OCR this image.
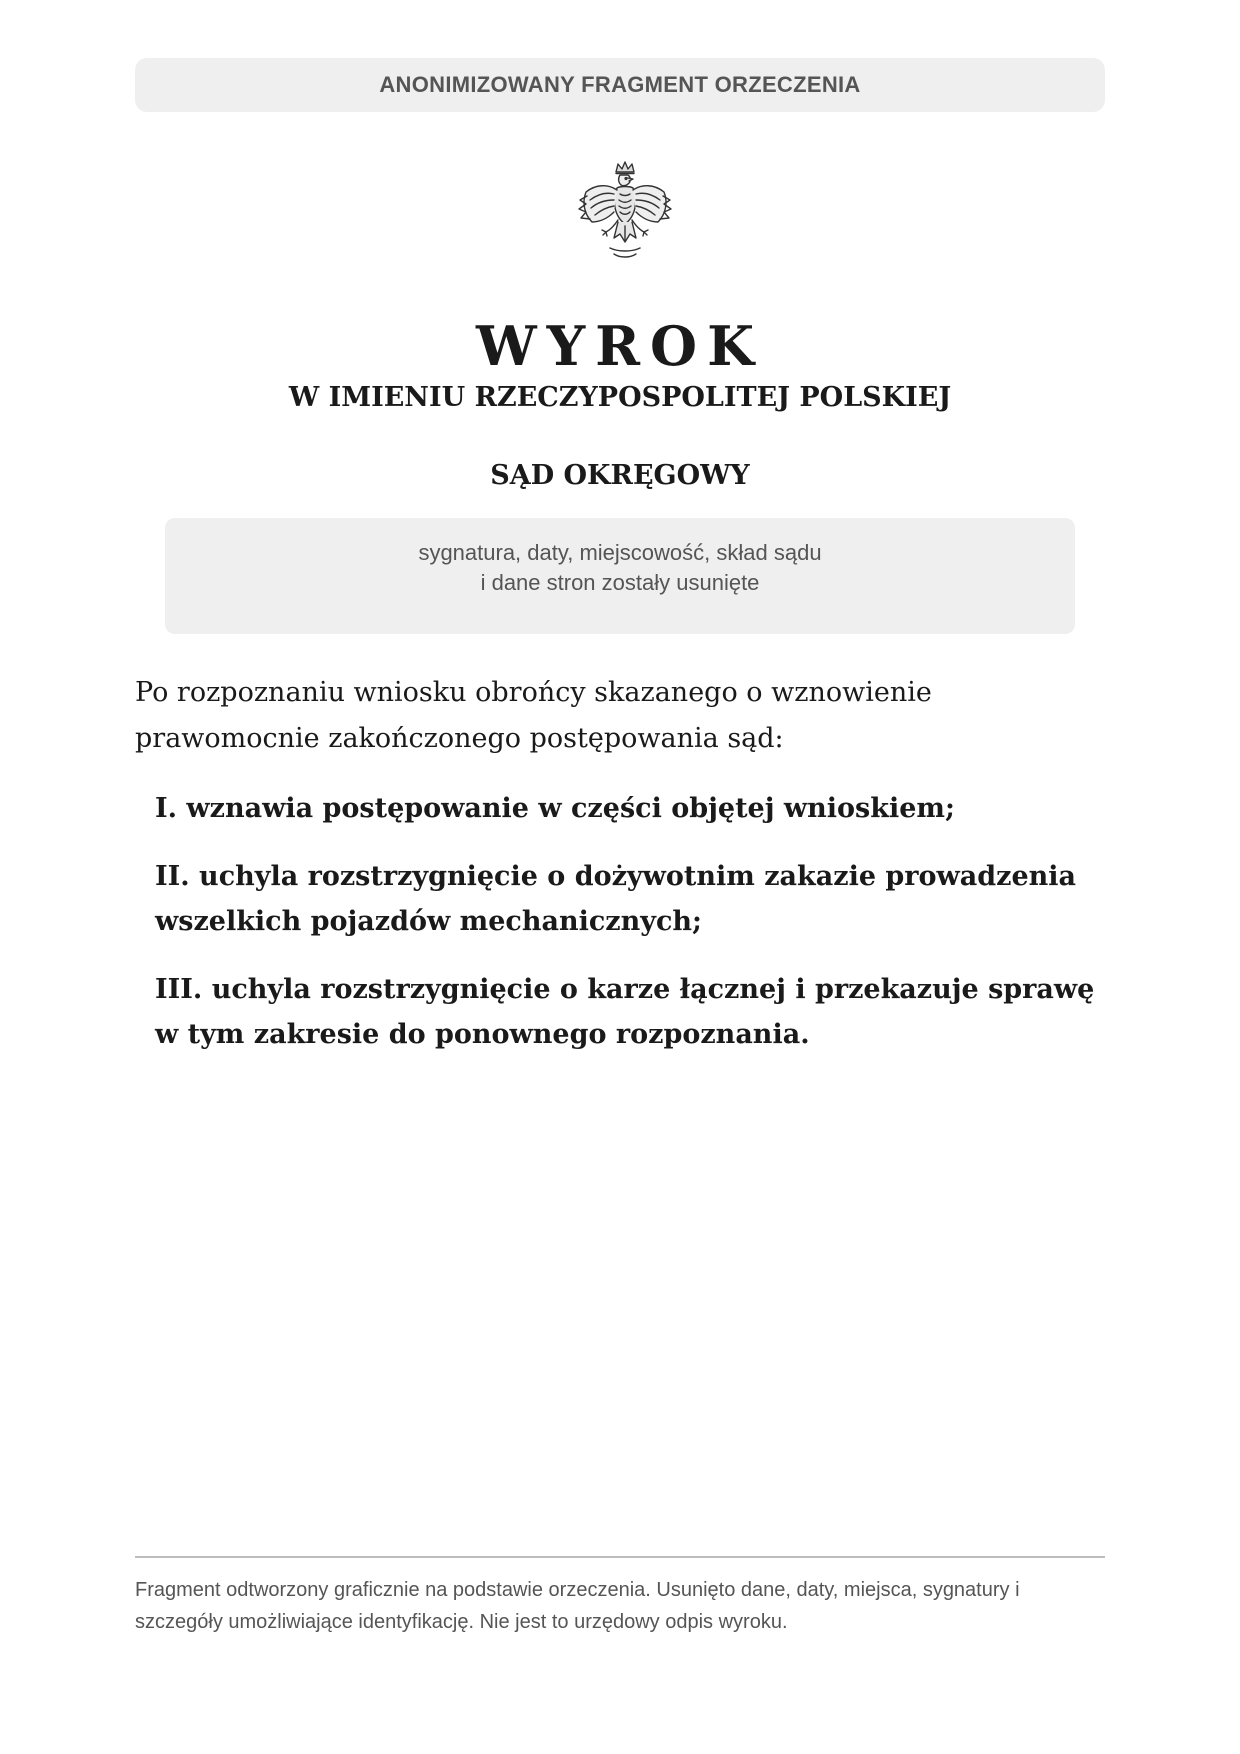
ANONIMIZOWANY FRAGMENT ORZECZENIA
WYROK
W IMIENIU RZECZYPOSPOLITEJ POLSKIEJ
SĄD OKRĘGOWY
sygnatura, daty, miejscowość, skład sądu
i dane stron zostały usunięte
Po rozpoznaniu wniosku obrońcy skazanego o wznowienie prawomocnie zakończonego postępowania sąd:
I. wznawia postępowanie w części objętej wnioskiem;
II. uchyla rozstrzygnięcie o dożywotnim zakazie prowadzenia wszelkich pojazdów mechanicznych;
III. uchyla rozstrzygnięcie o karze łącznej i przekazuje sprawę w tym zakresie do ponownego rozpoznania.
Fragment odtworzony graficznie na podstawie orzeczenia. Usunięto dane, daty, miejsca, sygnatury i szczegóły umożliwiające identyfikację. Nie jest to urzędowy odpis wyroku.
